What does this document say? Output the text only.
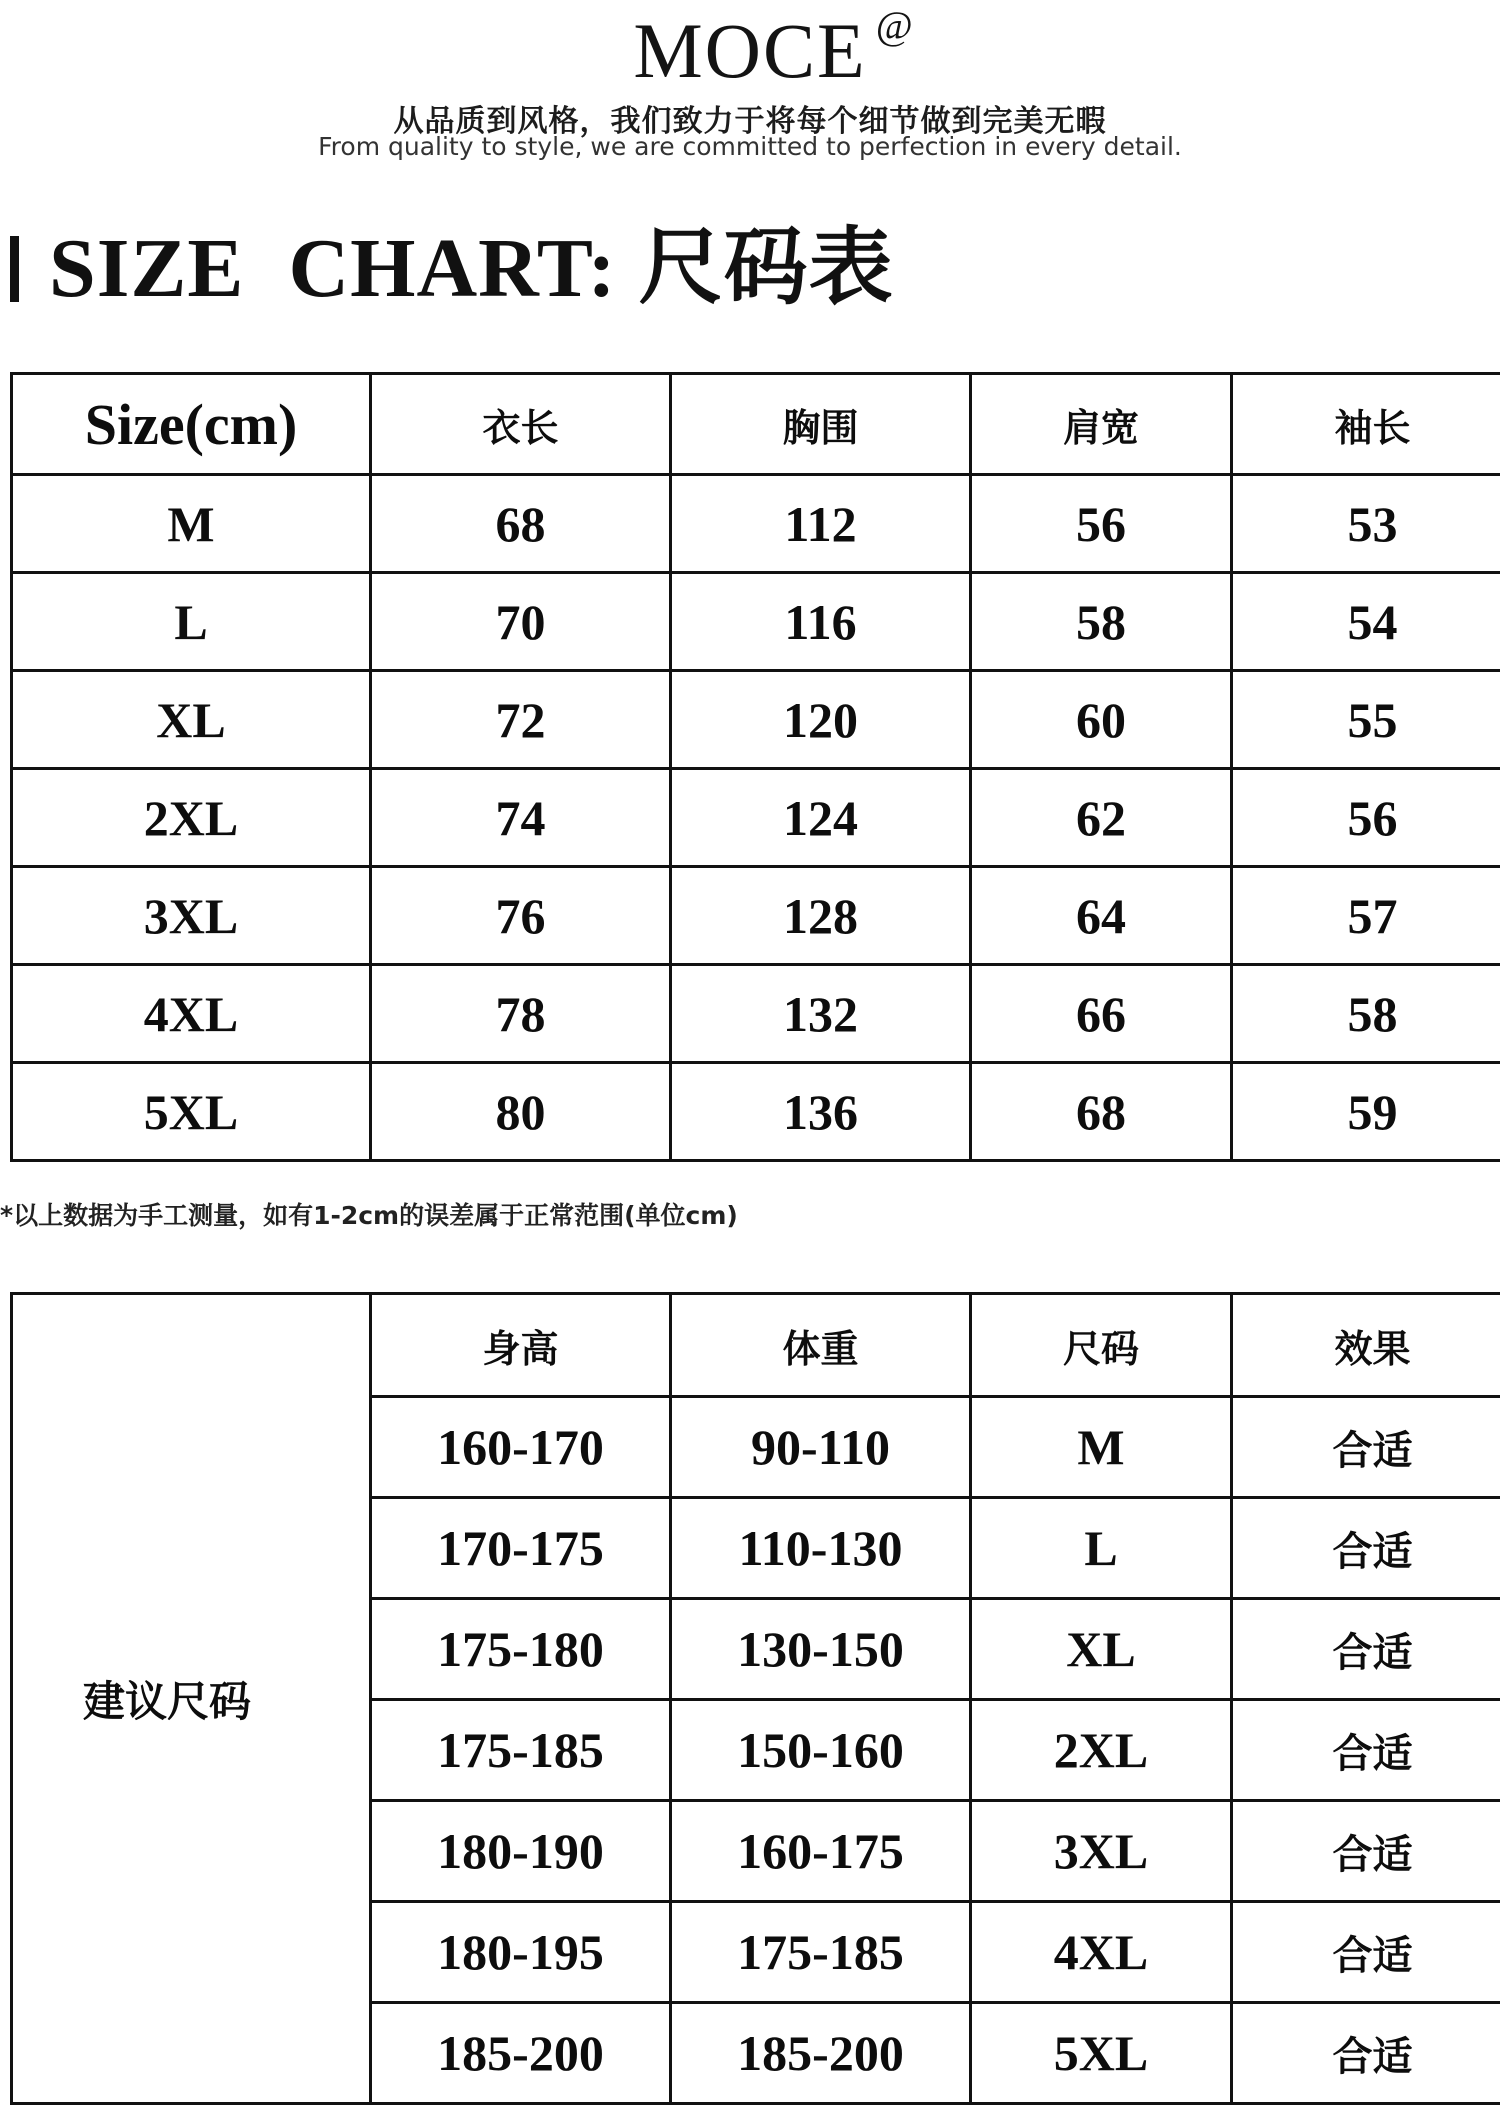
MOCE @
从品质到风格，我们致力于将每个细节做到完美无暇
From quality to style, we are committed to perfection in every detail.
SIZE  CHART: 尺码表
Size(cm)	衣长	胸围	肩宽	袖长
M	68	112	56	53
L	70	116	58	54
XL	72	120	60	55
2XL	74	124	62	56
3XL	76	128	64	57
4XL	78	132	66	58
5XL	80	136	68	59
*以上数据为手工测量，如有1-2cm的误差属于正常范围(单位cm)
建议尺码	身高	体重	尺码	效果
	160-170	90-110	M	合适
	170-175	110-130	L	合适
	175-180	130-150	XL	合适
	175-185	150-160	2XL	合适
	180-190	160-175	3XL	合适
	180-195	175-185	4XL	合适
	185-200	185-200	5XL	合适
